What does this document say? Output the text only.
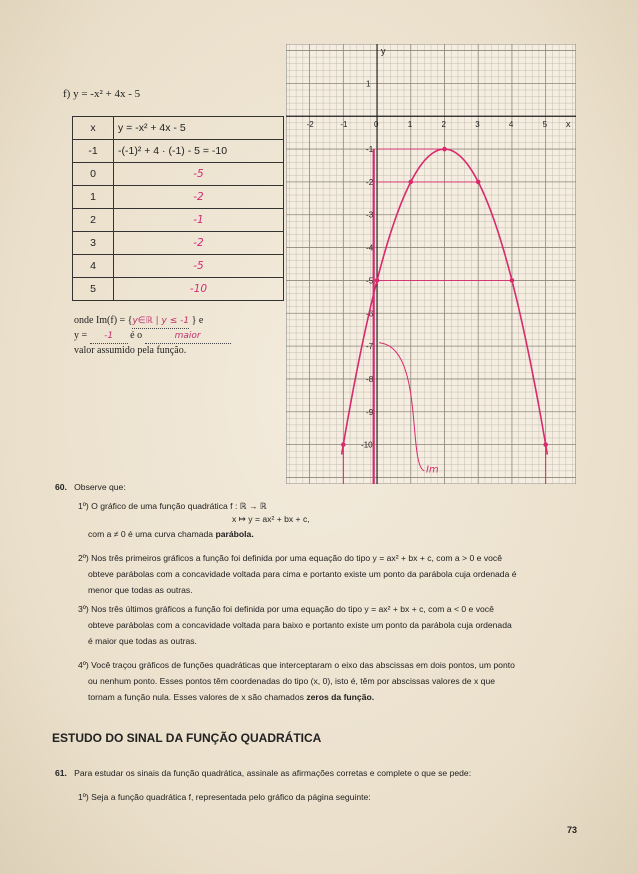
f) y = -x² + 4x - 5
x	y = -x² + 4x - 5
-1	-(-1)² + 4 · (-1) - 5 = -10
0	-5
1	-2
2	-1
3	-2
4	-5
5	-10
onde Im(f) = {y∈ℝ | y ≤ -1 } e
y = -1 é o	maior
valor assumido pela função.
y
x
-2	-1	0	1	2	3	4	5
1
-1
-2
-3
-4
-5
-6
-7
-8
-9
-10
Im
60. Observe que:
1º) O gráfico de uma função quadrática f : ℝ → ℝ
x ↦ y = ax² + bx + c,
com a ≠ 0 é uma curva chamada parábola.
2º) Nos três primeiros gráficos a função foi definida por uma equação do tipo y = ax² + bx + c, com a > 0 e você
obteve parábolas com a concavidade voltada para cima e portanto existe um ponto da parábola cuja ordenada é
menor que todas as outras.
3º) Nos três últimos gráficos a função foi definida por uma equação do tipo y = ax² + bx + c, com a < 0 e você
obteve parábolas com a concavidade voltada para baixo e portanto existe um ponto da parábola cuja ordenada
é maior que todas as outras.
4º) Você traçou gráficos de funções quadráticas que interceptaram o eixo das abscissas em dois pontos, um ponto
ou nenhum ponto. Esses pontos têm coordenadas do tipo (x, 0), isto é, têm por abscissas valores de x que
tornam a função nula. Esses valores de x são chamados zeros da função.
ESTUDO DO SINAL DA FUNÇÃO QUADRÁTICA
61. Para estudar os sinais da função quadrática, assinale as afirmações corretas e complete o que se pede:
1º) Seja a função quadrática f, representada pelo gráfico da página seguinte:
73
